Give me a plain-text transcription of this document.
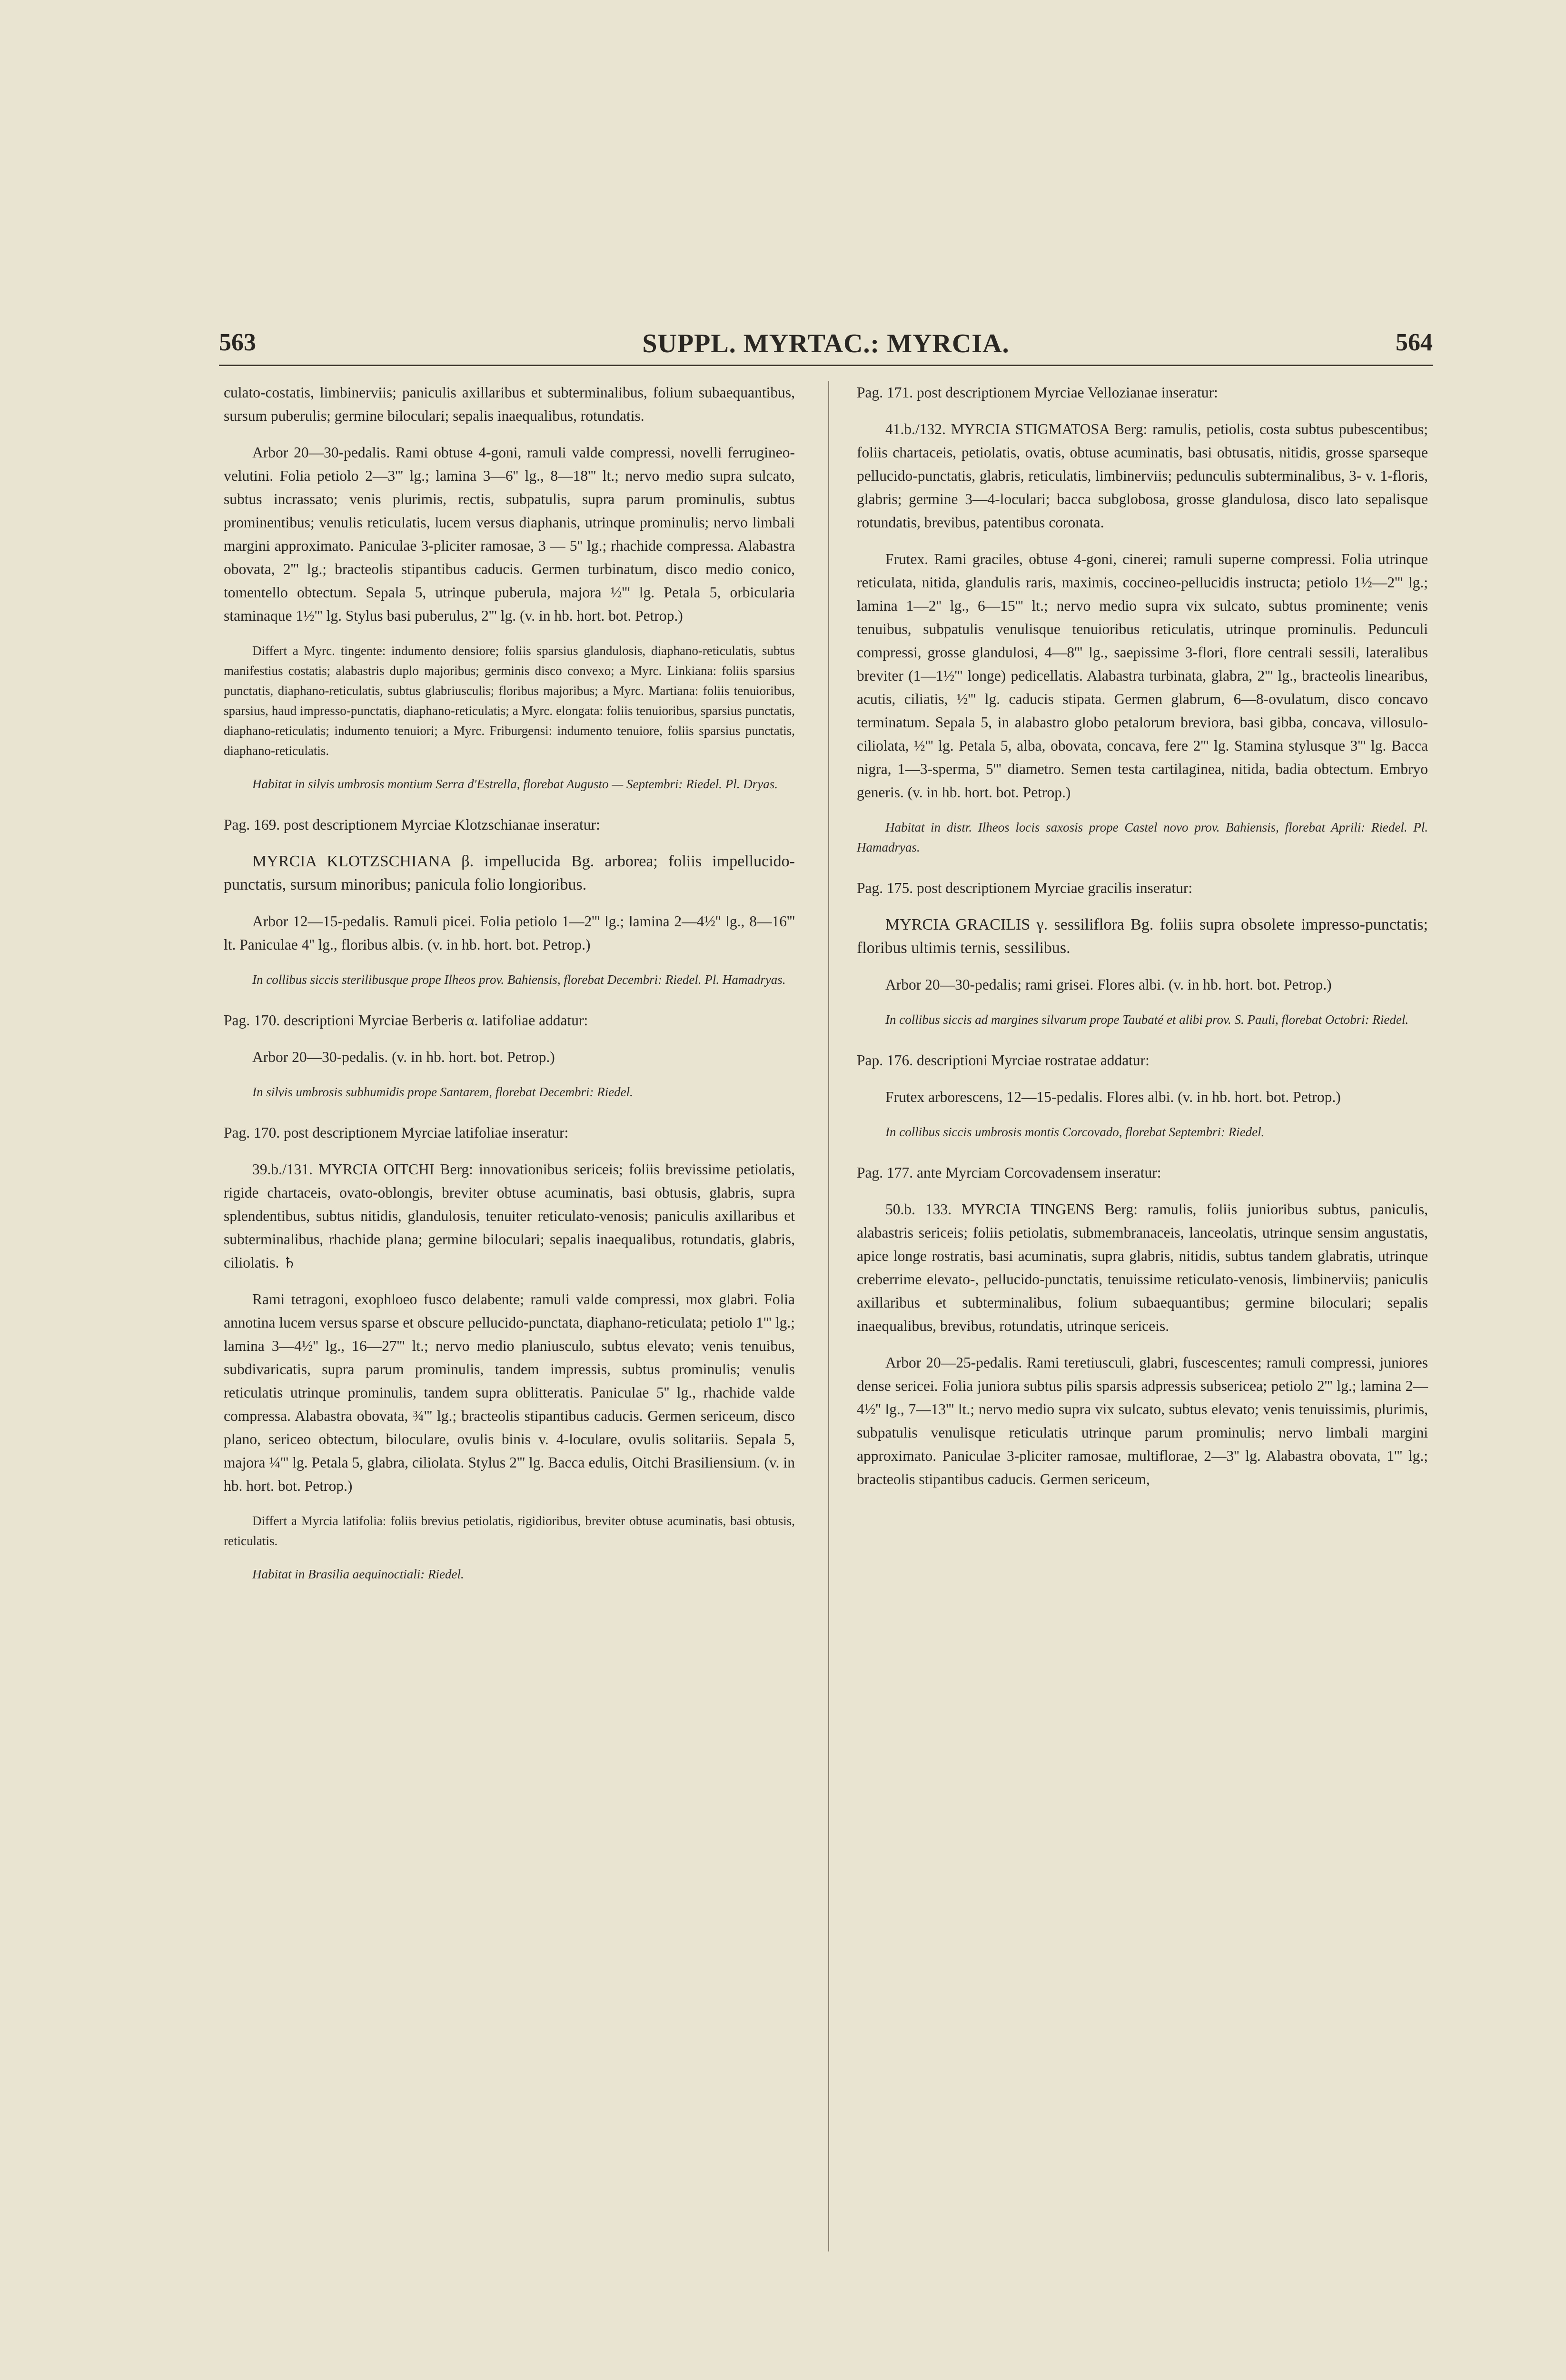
563	SUPPL. MYRTAC.: MYRCIA.	564

culato-costatis, limbinerviis; paniculis axillaribus et subterminalibus, folium subaequantibus, sursum puberulis; germine biloculari; sepalis inaequalibus, rotundatis.

Arbor 20—30-pedalis. Rami obtuse 4-goni, ramuli valde compressi, novelli ferrugineo-velutini. Folia petiolo 2—3''' lg.; lamina 3—6'' lg., 8—18''' lt.; nervo medio supra sulcato, subtus incrassato; venis plurimis, rectis, subpatulis, supra parum prominulis, subtus prominentibus; venulis reticulatis, lucem versus diaphanis, utrinque prominulis; nervo limbali margini approximato. Paniculae 3-pliciter ramosae, 3 — 5'' lg.; rhachide compressa. Alabastra obovata, 2''' lg.; bracteolis stipantibus caducis. Germen turbinatum, disco medio conico, tomentello obtectum. Sepala 5, utrinque puberula, majora ½''' lg. Petala 5, orbicularia staminaque 1½''' lg. Stylus basi puberulus, 2''' lg. (v. in hb. hort. bot. Petrop.)

Differt a Myrc. tingente: indumento densiore; foliis sparsius glandulosis, diaphano-reticulatis, subtus manifestius costatis; alabastris duplo majoribus; germinis disco convexo; a Myrc. Linkiana: foliis sparsius punctatis, diaphano-reticulatis, subtus glabriusculis; floribus majoribus; a Myrc. Martiana: foliis tenuioribus, sparsius, haud impresso-punctatis, diaphano-reticulatis; a Myrc. elongata: foliis tenuioribus, sparsius punctatis, diaphano-reticulatis; indumento tenuiori; a Myrc. Friburgensi: indumento tenuiore, foliis sparsius punctatis, diaphano-reticulatis.

Habitat in silvis umbrosis montium Serra d'Estrella, florebat Augusto — Septembri: Riedel. Pl. Dryas.

Pag. 169. post descriptionem Myrciae Klotzschianae inseratur:

MYRCIA KLOTZSCHIANA β. impellucida Bg. arborea; foliis impellucido-punctatis, sursum minoribus; panicula folio longioribus.

Arbor 12—15-pedalis. Ramuli picei. Folia petiolo 1—2''' lg.; lamina 2—4½'' lg., 8—16''' lt. Paniculae 4'' lg., floribus albis. (v. in hb. hort. bot. Petrop.)

In collibus siccis sterilibusque prope Ilheos prov. Bahiensis, florebat Decembri: Riedel. Pl. Hamadryas.

Pag. 170. descriptioni Myrciae Berberis α. latifoliae addatur:

Arbor 20—30-pedalis. (v. in hb. hort. bot. Petrop.)

In silvis umbrosis subhumidis prope Santarem, florebat Decembri: Riedel.

Pag. 170. post descriptionem Myrciae latifoliae inseratur:

39.b./131. MYRCIA OITCHI Berg: innovationibus sericeis; foliis brevissime petiolatis, rigide chartaceis, ovato-oblongis, breviter obtuse acuminatis, basi obtusis, glabris, supra splendentibus, subtus nitidis, glandulosis, tenuiter reticulato-venosis; paniculis axillaribus et subterminalibus, rhachide plana; germine biloculari; sepalis inaequalibus, rotundatis, glabris, ciliolatis. ♄

Rami tetragoni, exophloeo fusco delabente; ramuli valde compressi, mox glabri. Folia annotina lucem versus sparse et obscure pellucido-punctata, diaphano-reticulata; petiolo 1''' lg.; lamina 3—4½'' lg., 16—27''' lt.; nervo medio planiusculo, subtus elevato; venis tenuibus, subdivaricatis, supra parum prominulis, tandem impressis, subtus prominulis; venulis reticulatis utrinque prominulis, tandem supra oblitteratis. Paniculae 5'' lg., rhachide valde compressa. Alabastra obovata, ¾''' lg.; bracteolis stipantibus caducis. Germen sericeum, disco plano, sericeo obtectum, biloculare, ovulis binis v. 4-loculare, ovulis solitariis. Sepala 5, majora ¼''' lg. Petala 5, glabra, ciliolata. Stylus 2''' lg. Bacca edulis, Oitchi Brasiliensium. (v. in hb. hort. bot. Petrop.)

Differt a Myrcia latifolia: foliis brevius petiolatis, rigidioribus, breviter obtuse acuminatis, basi obtusis, reticulatis.

Habitat in Brasilia aequinoctiali: Riedel.

Pag. 171. post descriptionem Myrciae Vellozianae inseratur:

41.b./132. MYRCIA STIGMATOSA Berg: ramulis, petiolis, costa subtus pubescentibus; foliis chartaceis, petiolatis, ovatis, obtuse acuminatis, basi obtusatis, nitidis, grosse sparseque pellucido-punctatis, glabris, reticulatis, limbinerviis; pedunculis subterminalibus, 3- v. 1-floris, glabris; germine 3—4-loculari; bacca subglobosa, grosse glandulosa, disco lato sepalisque rotundatis, brevibus, patentibus coronata.

Frutex. Rami graciles, obtuse 4-goni, cinerei; ramuli superne compressi. Folia utrinque reticulata, nitida, glandulis raris, maximis, coccineo-pellucidis instructa; petiolo 1½—2''' lg.; lamina 1—2'' lg., 6—15''' lt.; nervo medio supra vix sulcato, subtus prominente; venis tenuibus, subpatulis venulisque tenuioribus reticulatis, utrinque prominulis. Pedunculi compressi, grosse glandulosi, 4—8''' lg., saepissime 3-flori, flore centrali sessili, lateralibus breviter (1—1½''' longe) pedicellatis. Alabastra turbinata, glabra, 2''' lg., bracteolis linearibus, acutis, ciliatis, ½''' lg. caducis stipata. Germen glabrum, 6—8-ovulatum, disco concavo terminatum. Sepala 5, in alabastro globo petalorum breviora, basi gibba, concava, villosulo-ciliolata, ½''' lg. Petala 5, alba, obovata, concava, fere 2''' lg. Stamina stylusque 3''' lg. Bacca nigra, 1—3-sperma, 5''' diametro. Semen testa cartilaginea, nitida, badia obtectum. Embryo generis. (v. in hb. hort. bot. Petrop.)

Habitat in distr. Ilheos locis saxosis prope Castel novo prov. Bahiensis, florebat Aprili: Riedel. Pl. Hamadryas.

Pag. 175. post descriptionem Myrciae gracilis inseratur:

MYRCIA GRACILIS γ. sessiliflora Bg. foliis supra obsolete impresso-punctatis; floribus ultimis ternis, sessilibus.

Arbor 20—30-pedalis; rami grisei. Flores albi. (v. in hb. hort. bot. Petrop.)

In collibus siccis ad margines silvarum prope Taubaté et alibi prov. S. Pauli, florebat Octobri: Riedel.

Pap. 176. descriptioni Myrciae rostratae addatur:

Frutex arborescens, 12—15-pedalis. Flores albi. (v. in hb. hort. bot. Petrop.)

In collibus siccis umbrosis montis Corcovado, florebat Septembri: Riedel.

Pag. 177. ante Myrciam Corcovadensem inseratur:

50.b. 133. MYRCIA TINGENS Berg: ramulis, foliis junioribus subtus, paniculis, alabastris sericeis; foliis petiolatis, submembranaceis, lanceolatis, utrinque sensim angustatis, apice longe rostratis, basi acuminatis, supra glabris, nitidis, subtus tandem glabratis, utrinque creberrime elevato-, pellucido-punctatis, tenuissime reticulato-venosis, limbinerviis; paniculis axillaribus et subterminalibus, folium subaequantibus; germine biloculari; sepalis inaequalibus, brevibus, rotundatis, utrinque sericeis.

Arbor 20—25-pedalis. Rami teretiusculi, glabri, fuscescentes; ramuli compressi, juniores dense sericei. Folia juniora subtus pilis sparsis adpressis subsericea; petiolo 2''' lg.; lamina 2—4½'' lg., 7—13''' lt.; nervo medio supra vix sulcato, subtus elevato; venis tenuissimis, plurimis, subpatulis venulisque reticulatis utrinque parum prominulis; nervo limbali margini approximato. Paniculae 3-pliciter ramosae, multiflorae, 2—3'' lg. Alabastra obovata, 1''' lg.; bracteolis stipantibus caducis. Germen sericeum,
